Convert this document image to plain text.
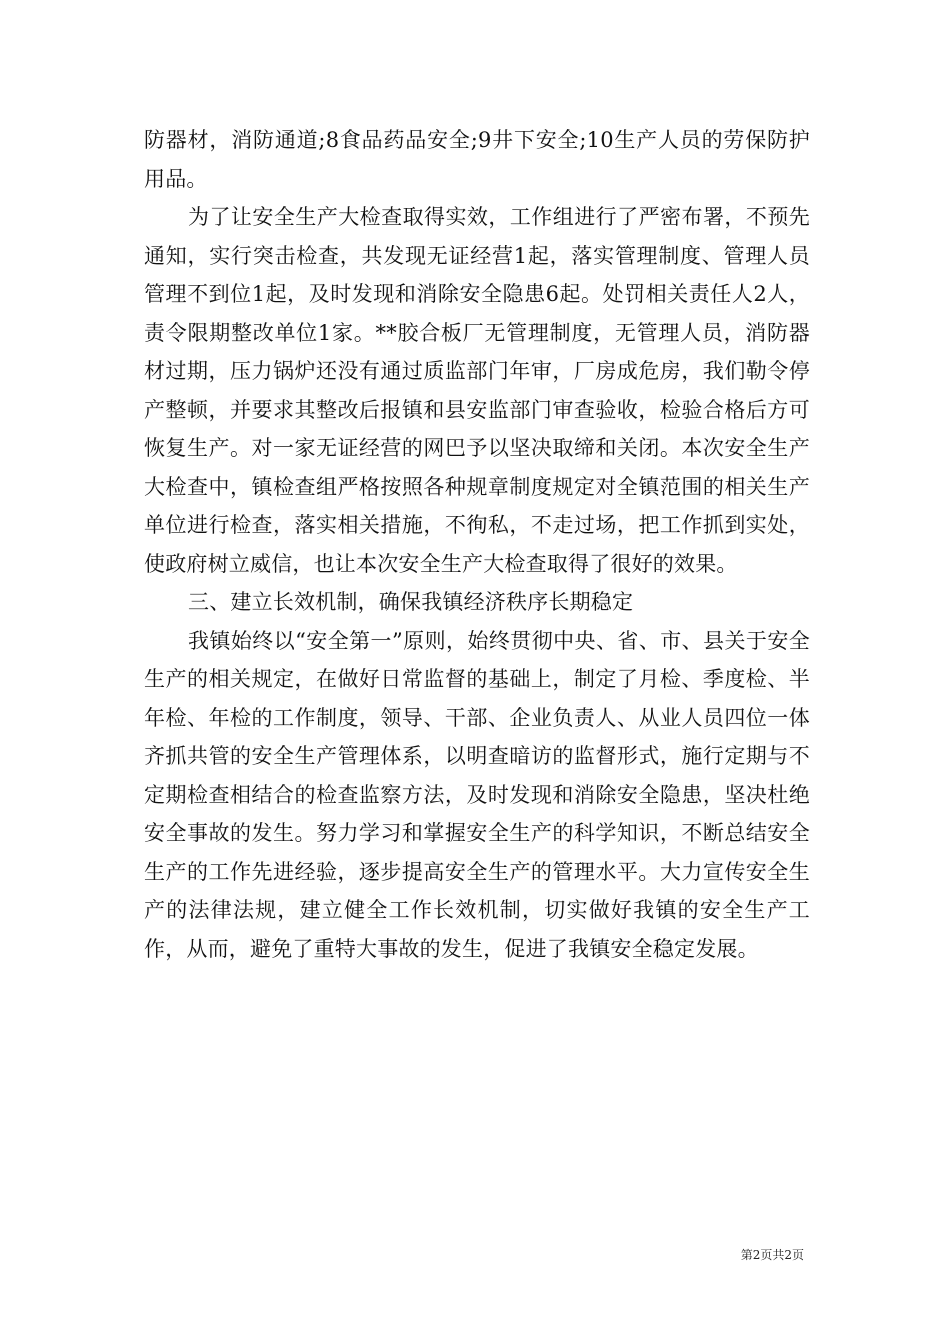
防器材，消防通道;8食品药品安全;9井下安全;10生产人员的劳保防护用品。

为了让安全生产大检查取得实效，工作组进行了严密布署，不预先通知，实行突击检查，共发现无证经营1起，落实管理制度、管理人员管理不到位1起，及时发现和消除安全隐患6起。处罚相关责任人2人，责令限期整改单位1家。**胶合板厂无管理制度，无管理人员，消防器材过期，压力锅炉还没有通过质监部门年审，厂房成危房，我们勒令停产整顿，并要求其整改后报镇和县安监部门审查验收，检验合格后方可恢复生产。对一家无证经营的网巴予以坚决取缔和关闭。本次安全生产大检查中，镇检查组严格按照各种规章制度规定对全镇范围的相关生产单位进行检查，落实相关措施，不徇私，不走过场，把工作抓到实处，使政府树立威信，也让本次安全生产大检查取得了很好的效果。

三、建立长效机制，确保我镇经济秩序长期稳定

我镇始终以“安全第一”原则，始终贯彻中央、省、市、县关于安全生产的相关规定，在做好日常监督的基础上，制定了月检、季度检、半年检、年检的工作制度，领导、干部、企业负责人、从业人员四位一体齐抓共管的安全生产管理体系，以明查暗访的监督形式，施行定期与不定期检查相结合的检查监察方法，及时发现和消除安全隐患，坚决杜绝安全事故的发生。努力学习和掌握安全生产的科学知识，不断总结安全生产的工作先进经验，逐步提高安全生产的管理水平。大力宣传安全生产的法律法规，建立健全工作长效机制，切实做好我镇的安全生产工作，从而，避免了重特大事故的发生，促进了我镇安全稳定发展。

第2页共2页
